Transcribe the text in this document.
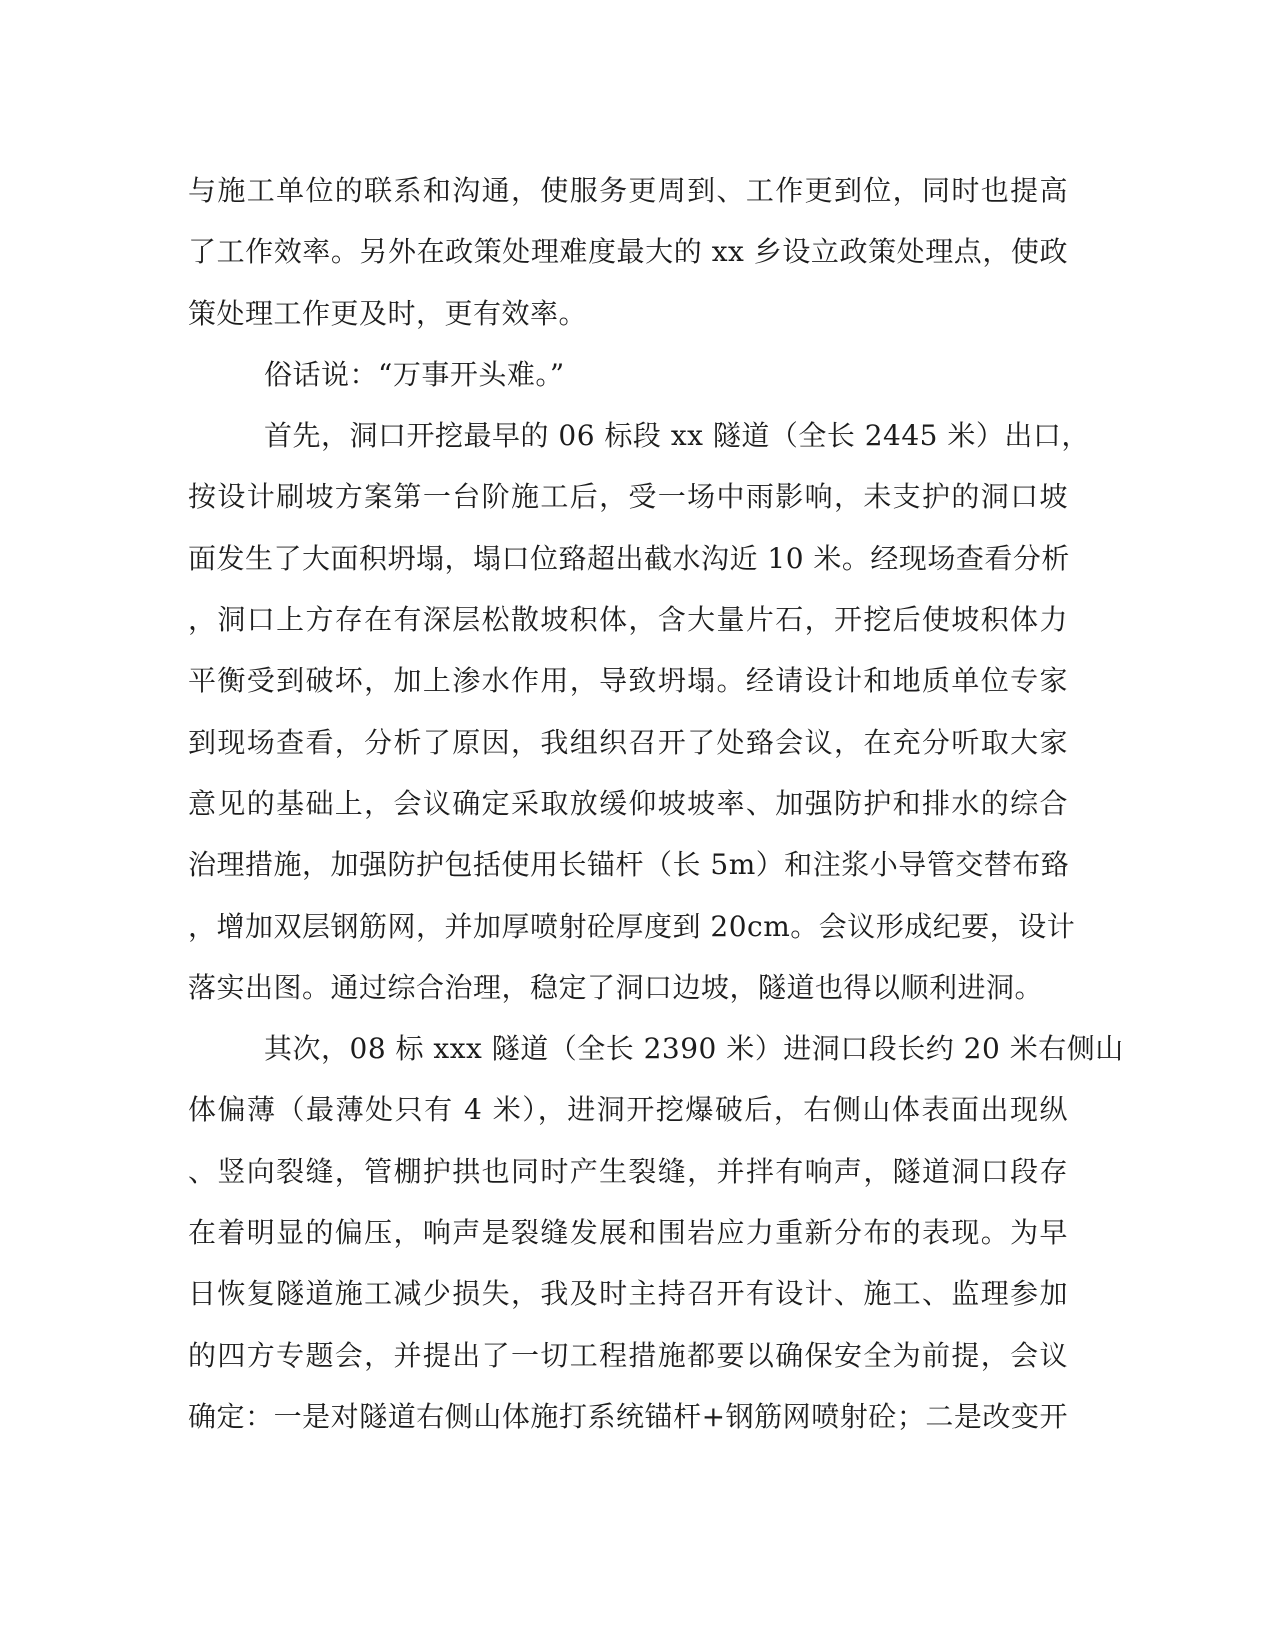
与施工单位的联系和沟通，使服务更周到、工作更到位，同时也提高
了工作效率。另外在政策处理难度最大的 xx 乡设立政策处理点，使政
策处理工作更及时，更有效率。
俗话说：“万事开头难。”
首先，洞口开挖最早的 06 标段 xx 隧道（全长 2445 米）出口，
按设计刷坡方案第一台阶施工后，受一场中雨影响，未支护的洞口坡
面发生了大面积坍塌，塌口位臵超出截水沟近 10 米。经现场查看分析
，洞口上方存在有深层松散坡积体，含大量片石，开挖后使坡积体力
平衡受到破坏，加上渗水作用，导致坍塌。经请设计和地质单位专家
到现场查看，分析了原因，我组织召开了处臵会议，在充分听取大家
意见的基础上，会议确定采取放缓仰坡坡率、加强防护和排水的综合
治理措施，加强防护包括使用长锚杆（长 5m）和注浆小导管交替布臵
，增加双层钢筋网，并加厚喷射砼厚度到 20cm。会议形成纪要，设计
落实出图。通过综合治理，稳定了洞口边坡，隧道也得以顺利进洞。
其次，08 标 xxx 隧道（全长 2390 米）进洞口段长约 20 米右侧山
体偏薄（最薄处只有 4 米），进洞开挖爆破后，右侧山体表面出现纵
、竖向裂缝，管棚护拱也同时产生裂缝，并拌有响声，隧道洞口段存
在着明显的偏压，响声是裂缝发展和围岩应力重新分布的表现。为早
日恢复隧道施工减少损失，我及时主持召开有设计、施工、监理参加
的四方专题会，并提出了一切工程措施都要以确保安全为前提，会议
确定：一是对隧道右侧山体施打系统锚杆+钢筋网喷射砼；二是改变开
